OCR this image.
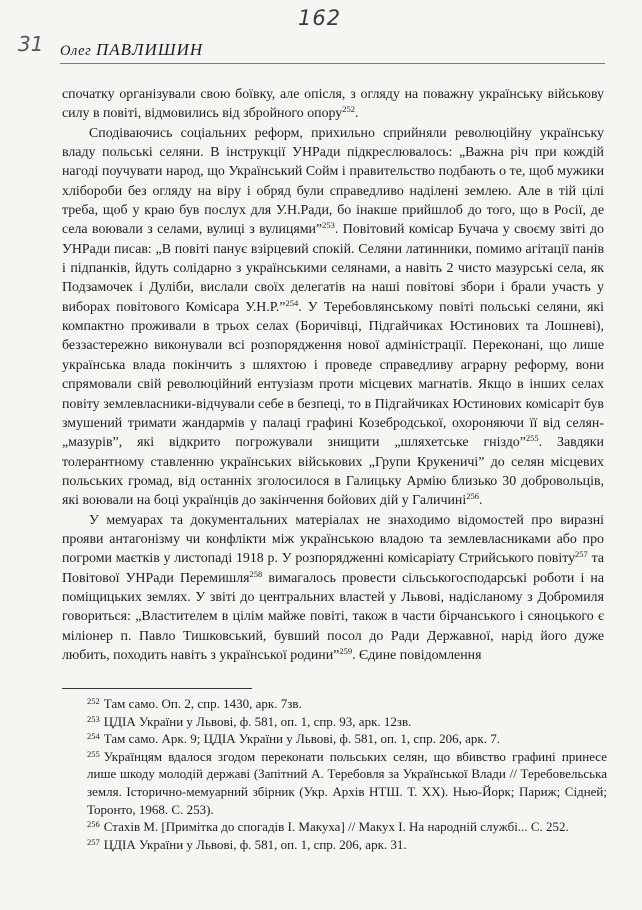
162
31 Олег ПАВЛИШИН

спочатку організували свою боївку, але опісля, з огляду на поважну українську військову силу в повіті, відмовились від збройного опору$^{252}$.

Сподіваючись соціальних реформ, прихильно сприйняли революційну українську владу польські селяни. В інструкції УНРади підкреслювалось: „Важна річ при кождій нагоді поучувати народ, що Український Сойм і правительство подбають о те, щоб мужики хлібороби без огляду на віру і обряд були справедливо наділені землею. Але в тій цілі треба, щоб у краю був послух для У.Н.Ради, бо інакше прийшлоб до того, що в Росії, де села воювали з селами, вулиці з вулицями”$^{253}$. Повітовий комісар Бучача у своєму звіті до УНРади писав: „В повіті панує взірцевий спокій. Селяни латинники, помимо агітації панів і підпанків, йдуть солідарно з українськими селянами, а навіть 2 чисто мазурські села, як Подзамочек і Дуліби, вислали своїх делегатів на наші повітові збори і брали участь у виборах повітового Комісара У.Н.Р.”$^{254}$. У Теребовлянському повіті польські селяни, які компактно проживали в трьох селах (Боричівці, Підгайчиках Юстинових та Лошневі), беззастережно виконували всі розпорядження нової адміністрації. Переконані, що лише українська влада покінчить з шляхтою і проведе справедливу аграрну реформу, вони спрямовали свій революційний ентузіазм проти місцевих магнатів. Якщо в інших селах повіту землевласники-відчували себе в безпеці, то в Підгайчиках Юстинових комісаріт був змушений тримати жандармів у палаці графині Козебродської, охороняючи її від селян-„мазурів”, які відкрито погрожували знищити „шляхетське гніздо”$^{255}$. Завдяки толерантному ставленню українських військових „Групи Крукеничі” до селян місцевих польських громад, від останніх зголосилося в Галицьку Армію близько 30 добровольців, які воювали на боці українців до закінчення бойових дій у Галичині$^{256}$.

У мемуарах та документальних матеріалах не знаходимо відомостей про виразні прояви антагонізму чи конфлікти між українською владою та землевласниками або про погроми маєтків у листопаді 1918 р. У розпорядженні комісаріату Стрийського повіту$^{257}$ та Повітової УНРади Перемишля$^{258}$ вимагалось провести сільськогосподарські роботи і на поміщицьких землях. У звіті до центральних властей у Львові, надісланому з Добромиля говориться: „Властителем в цілім майже повіті, також в части бірчанського і сяноцького є міліонер п. Павло Тишковський, бувший посол до Ради Державної, нарід його дуже любить, походить навіть з української родини”$^{259}$. Єдине повідомлення

$^{252}$ Там само. Оп. 2, спр. 1430, арк. 7зв.

$^{253}$ ЦДІА України у Львові, ф. 581, оп. 1, спр. 93, арк. 12зв.

$^{254}$ Там само. Арк. 9; ЦДІА України у Львові, ф. 581, оп. 1, спр. 206, арк. 7.

$^{255}$ Українцям вдалося згодом переконати польських селян, що вбивство графині принесе лише шкоду молодій державі (Запітний А. Теребовля за Української Влади // Теребовельська земля. Історично-мемуарний збірник (Укр. Архів НТШ. Т. XX). Нью-Йорк; Париж; Сідней; Торонто, 1968. С. 253).

$^{256}$ Стахів М. [Примітка до спогадів І. Макуха] // Макух І. На народній службі... С. 252.

$^{257}$ ЦДІА України у Львові, ф. 581, оп. 1, спр. 206, арк. 31.
